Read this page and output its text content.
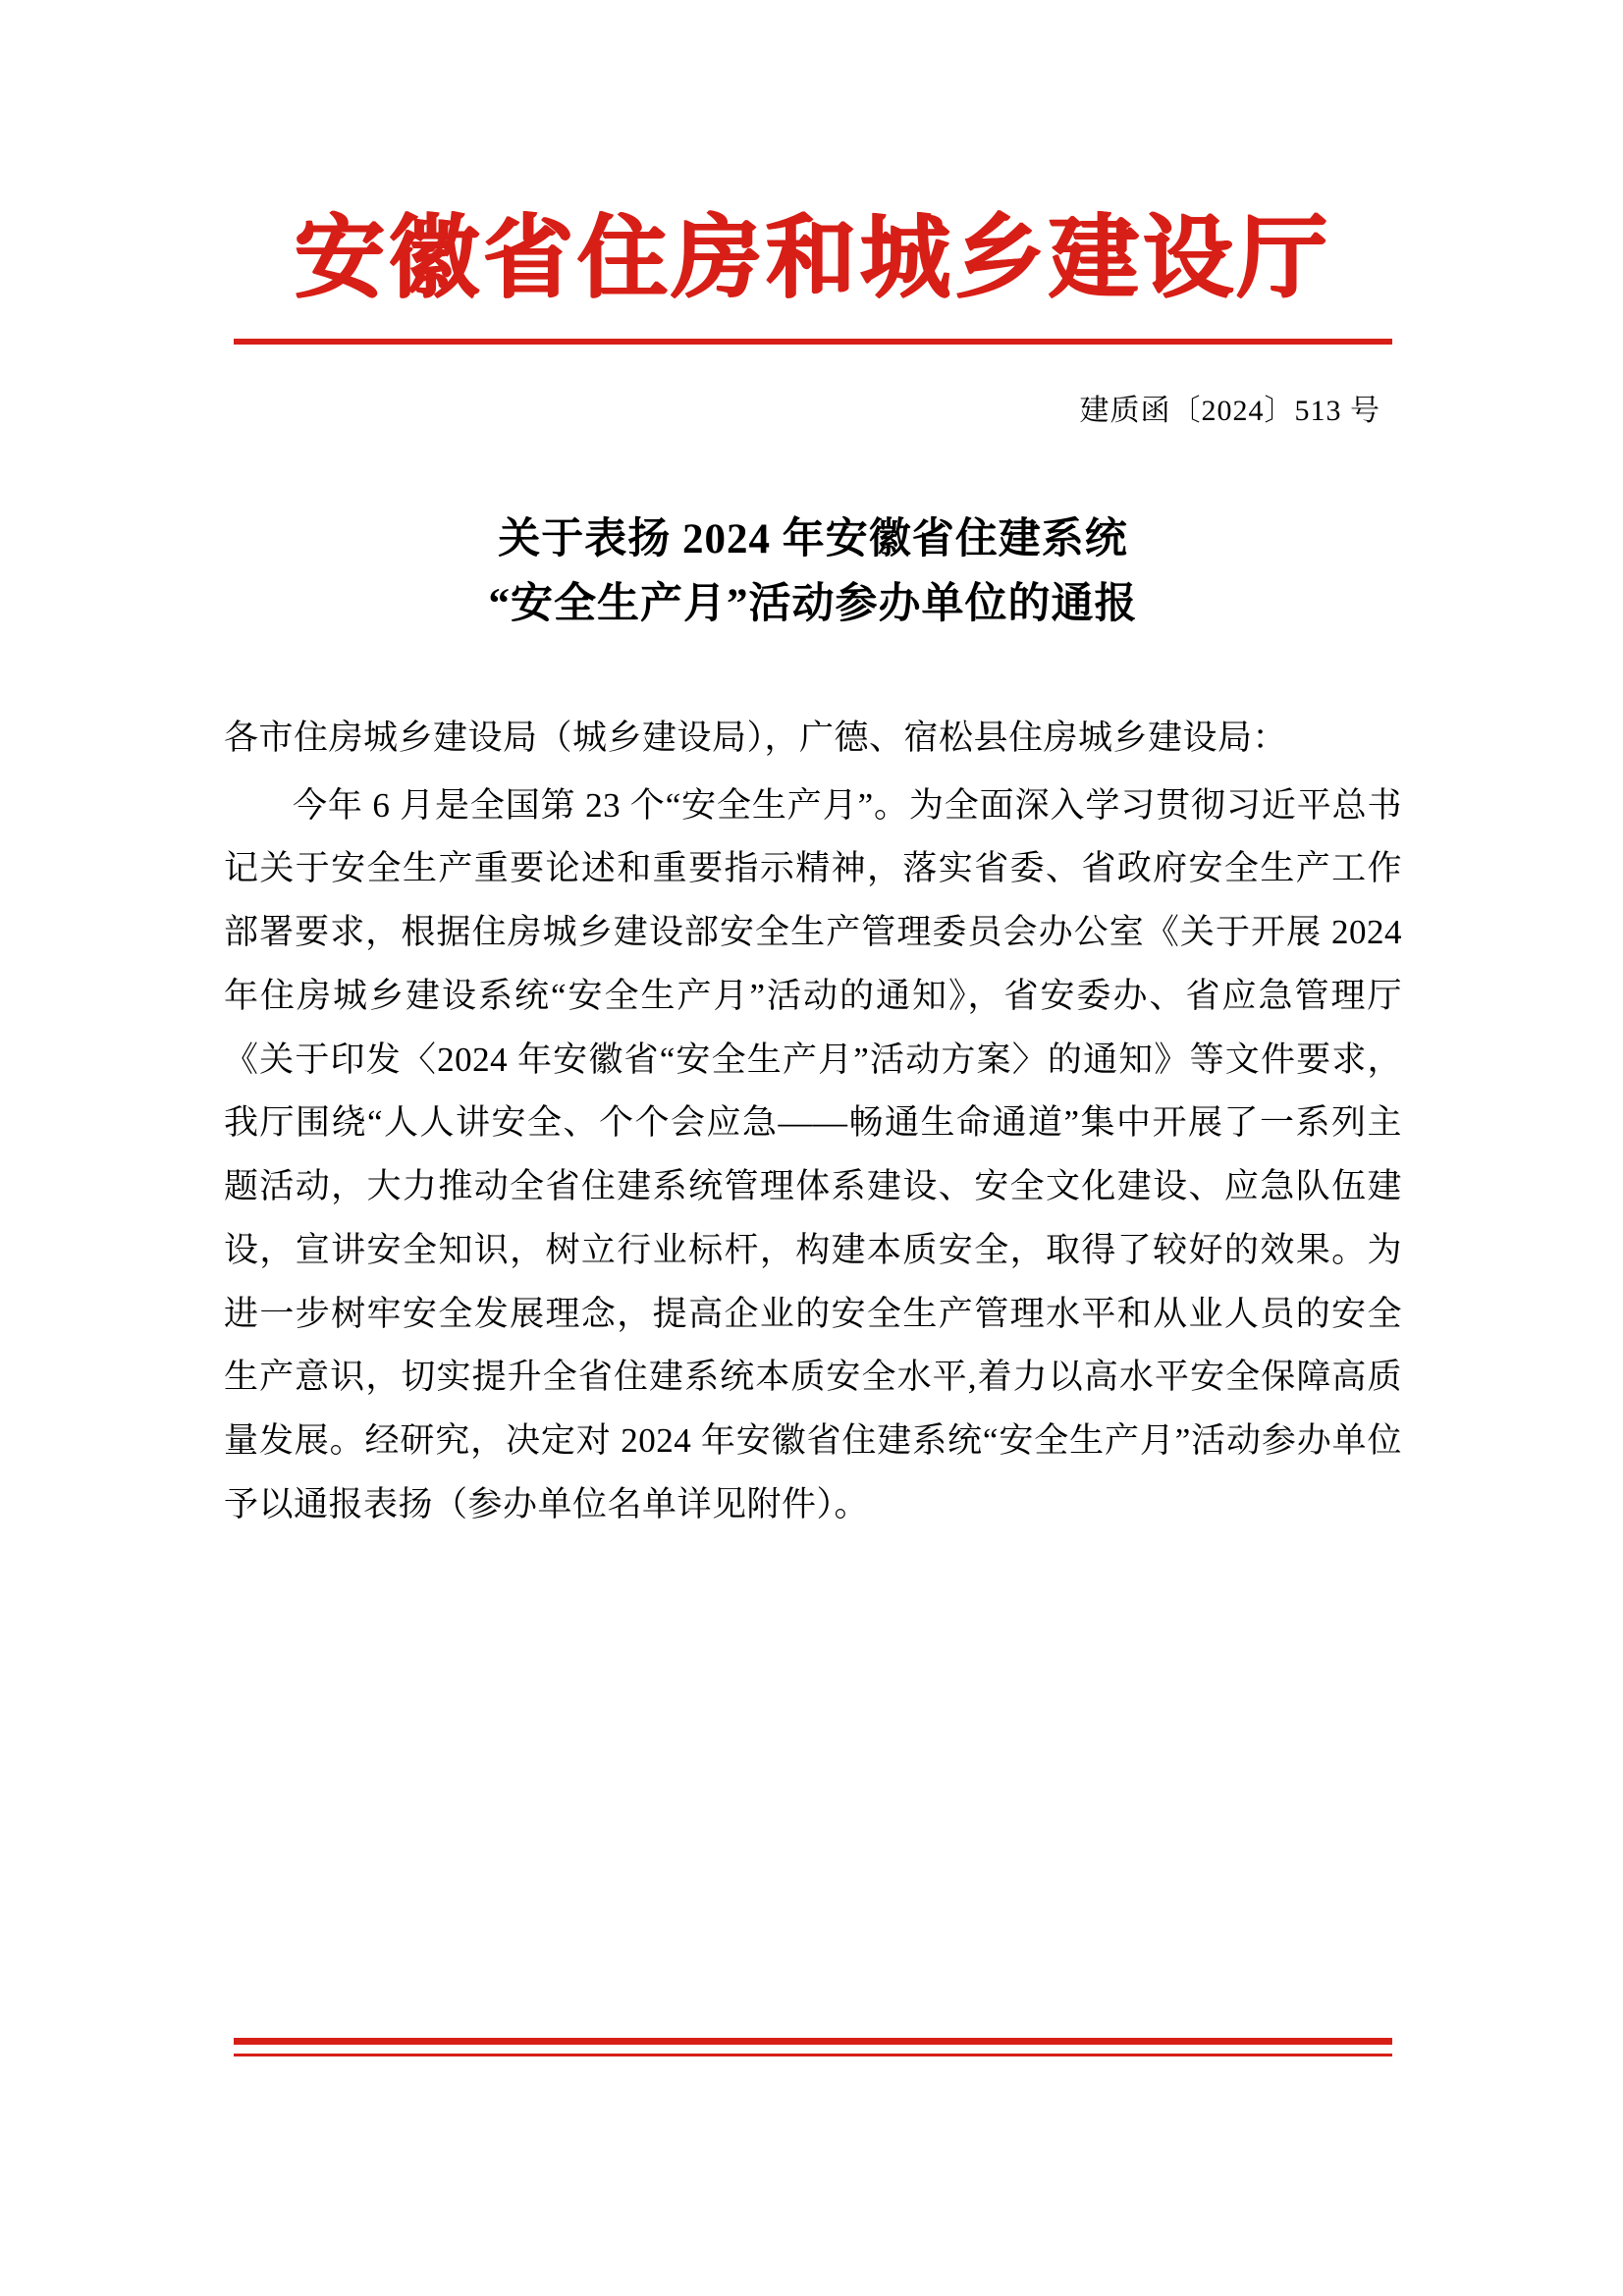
安徽省住房和城乡建设厅
建质函〔2024〕513 号
关于表扬 2024 年安徽省住建系统
“安全生产月”活动参办单位的通报

各市住房城乡建设局（城乡建设局），广德、宿松县住房城乡建设局：

今年 6 月是全国第 23 个“安全生产月”。为全面深入学习贯彻习近平总书记关于安全生产重要论述和重要指示精神，落实省委、省政府安全生产工作部署要求，根据住房城乡建设部安全生产管理委员会办公室《关于开展 2024 年住房城乡建设系统“安全生产月”活动的通知》，省安委办、省应急管理厅《关于印发〈2024 年安徽省“安全生产月”活动方案〉的通知》等文件要求，我厅围绕“人人讲安全、个个会应急——畅通生命通道”集中开展了一系列主题活动，大力推动全省住建系统管理体系建设、安全文化建设、应急队伍建设，宣讲安全知识，树立行业标杆，构建本质安全，取得了较好的效果。为进一步树牢安全发展理念，提高企业的安全生产管理水平和从业人员的安全生产意识，切实提升全省住建系统本质安全水平,着力以高水平安全保障高质量发展。经研究，决定对 2024 年安徽省住建系统“安全生产月”活动参办单位予以通报表扬（参办单位名单详见附件）。
